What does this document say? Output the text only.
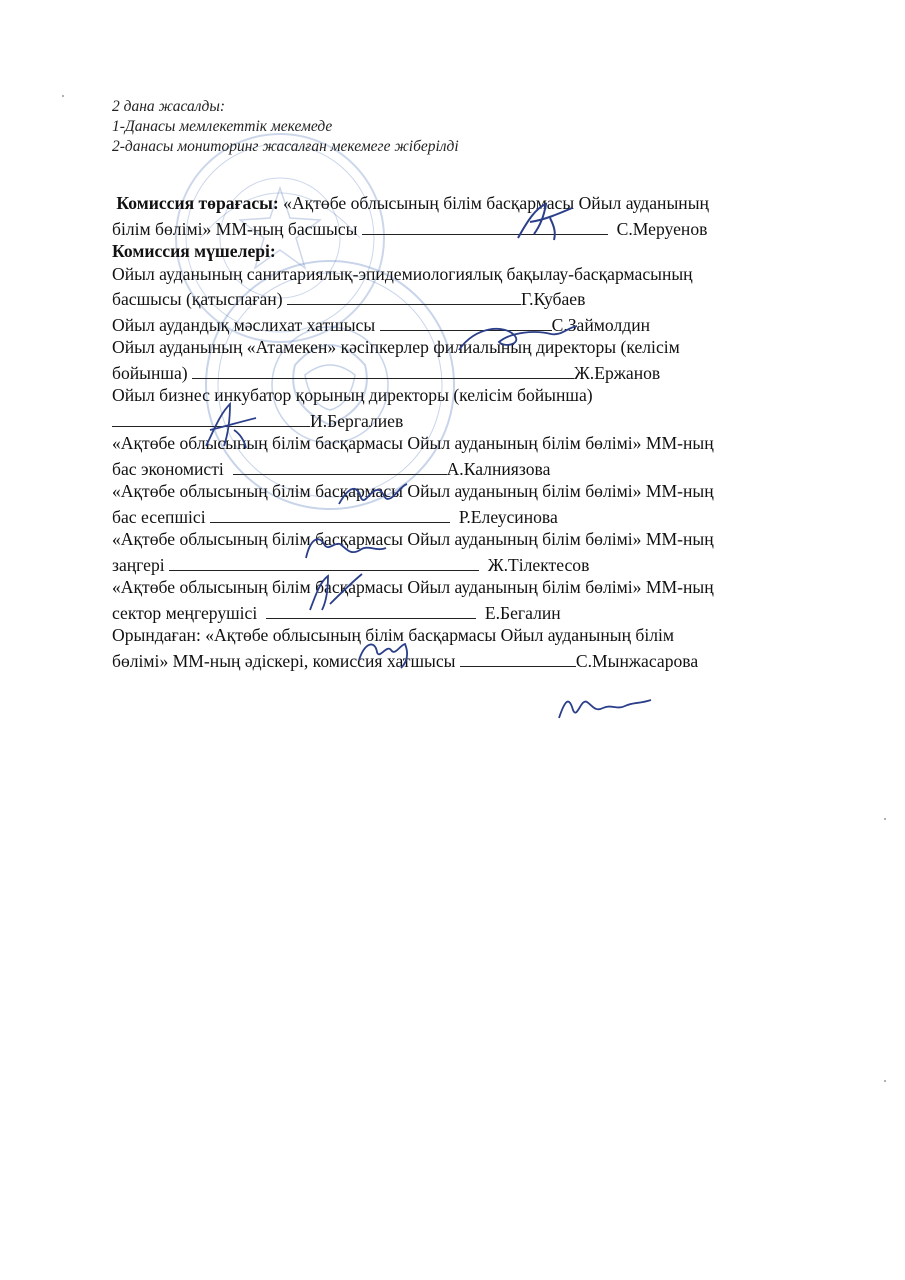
2 дана жасалды:
1-Данасы мемлекеттік мекемеде
2-данасы мониторинг жасалған мекемеге жіберілді

Комиссия төрағасы: «Ақтөбе облысының білім басқармасы Ойыл ауданының

білім бөлімі» ММ-ның басшысы	С.Меруенов

Комиссия мүшелері:

Ойыл ауданының санитариялық-эпидемиологиялық бақылау-басқармасының

басшысы (қатыспаған)	Г.Кубаев

Ойыл аудандық мәслихат хатшысы	С.Займолдин

Ойыл ауданының «Атамекен» кәсіпкерлер филиалының директоры (келісім

бойынша)	Ж.Ержанов

Ойыл бизнес инкубатор қорының директоры (келісім бойынша)

И.Бергалиев

«Ақтөбе облысының білім басқармасы Ойыл ауданының білім бөлімі» ММ-ның

бас экономисті	А.Калниязова

«Ақтөбе облысының білім басқармасы Ойыл ауданының білім бөлімі» ММ-ның

бас есепшісі	Р.Елеусинова

«Ақтөбе облысының білім басқармасы Ойыл ауданының білім бөлімі» ММ-ның

заңгері	Ж.Тілектесов

«Ақтөбе облысының білім басқармасы Ойыл ауданының білім бөлімі» ММ-ның

сектор меңгерушісі	Е.Бегалин

Орындаған: «Ақтөбе облысының білім басқармасы Ойыл ауданының білім

бөлімі» ММ-ның әдіскері, комиссия хатшысы	С.Мынжасарова
